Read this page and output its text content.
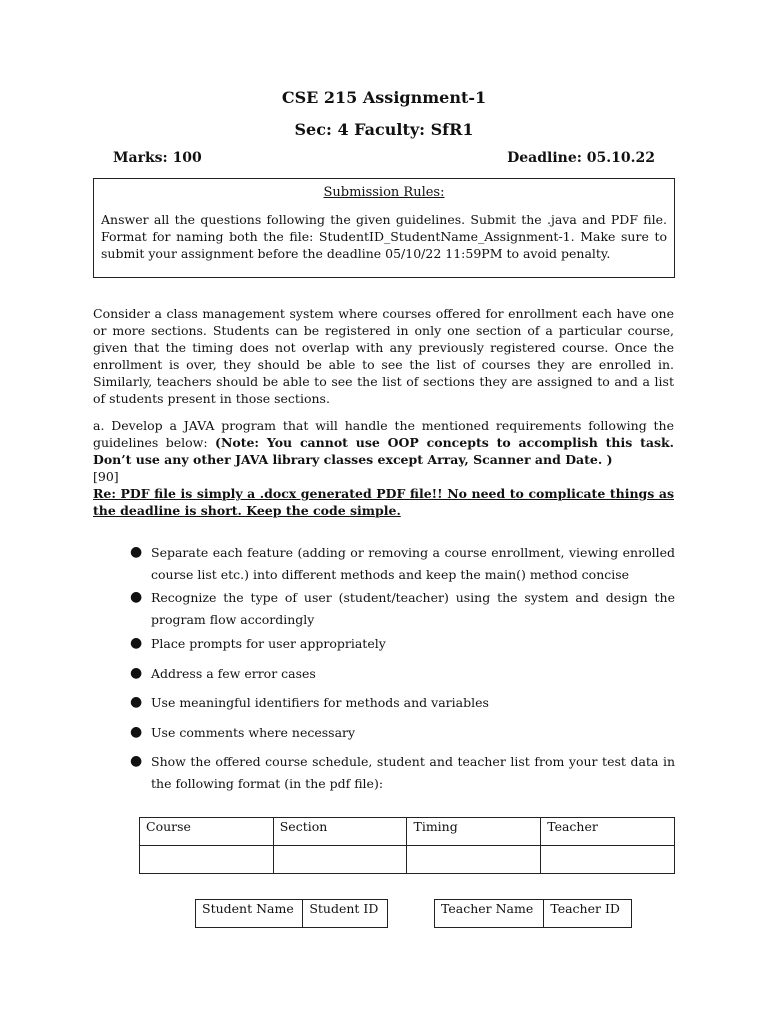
CSE 215 Assignment-1
Sec: 4 Faculty: SfR1
Marks: 100	Deadline: 05.10.22
Submission Rules:
Answer all the questions following the given guidelines. Submit the .java and PDF file. Format for naming both the file: StudentID_StudentName_Assignment-1. Make sure to submit your assignment before the deadline 05/10/22 11:59PM to avoid penalty.
Consider a class management system where courses offered for enrollment each have one or more sections. Students can be registered in only one section of a particular course, given that the timing does not overlap with any previously registered course. Once the enrollment is over, they should be able to see the list of courses they are enrolled in. Similarly, teachers should be able to see the list of sections they are assigned to and a list of students present in those sections.
a. Develop a JAVA program that will handle the mentioned requirements following the guidelines below: (Note: You cannot use OOP concepts to accomplish this task. Don’t use any other JAVA library classes except Array, Scanner and Date. )
[90]
Re: PDF file is simply a .docx generated PDF file!! No need to complicate things as the deadline is short. Keep the code simple.
● Separate each feature (adding or removing a course enrollment, viewing enrolled course list etc.) into different methods and keep the main() method concise
● Recognize the type of user (student/teacher) using the system and design the program flow accordingly
● Place prompts for user appropriately
● Address a few error cases
● Use meaningful identifiers for methods and variables
● Use comments where necessary
● Show the offered course schedule, student and teacher list from your test data in the following format (in the pdf file):
Course	Section	Timing	Teacher

Student Name	Student ID	Teacher Name	Teacher ID
